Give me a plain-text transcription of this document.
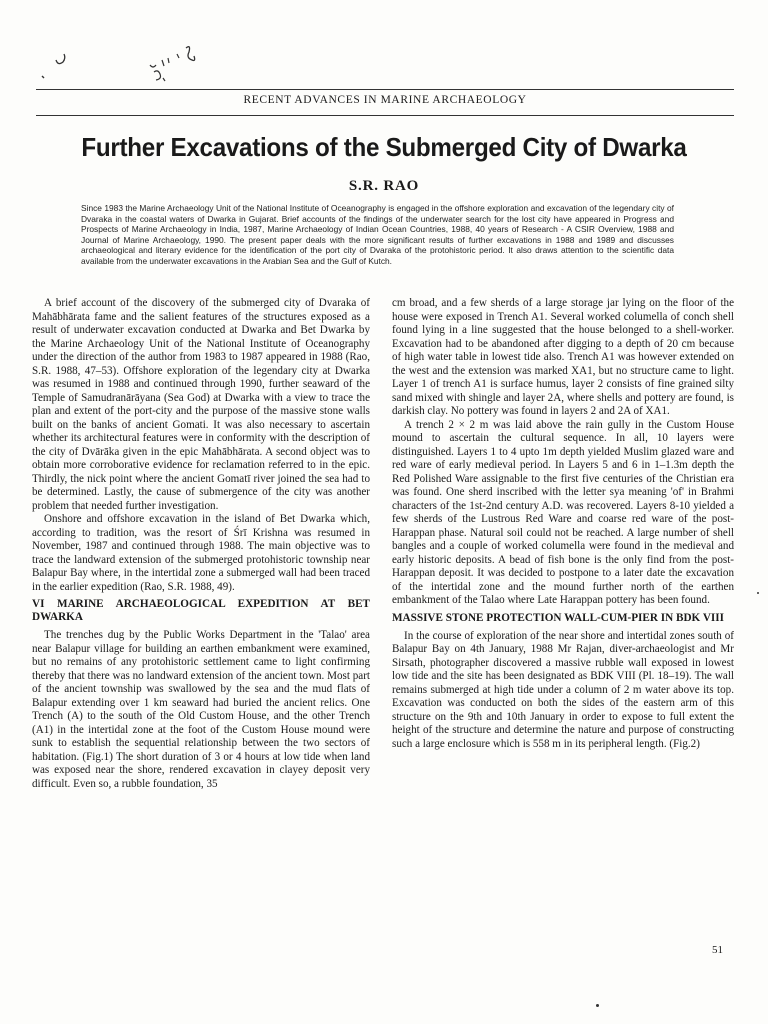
RECENT ADVANCES IN MARINE ARCHAEOLOGY
Further Excavations of the Submerged City of Dwarka
S.R. RAO

Since 1983 the Marine Archaeology Unit of the National Institute of Oceanography is engaged in the offshore exploration and excavation of the legendary city of Dvaraka in the coastal waters of Dwarka in Gujarat. Brief accounts of the findings of the underwater search for the lost city have appeared in Progress and Prospects of Marine Archaeology in India, 1987, Marine Archaeology of Indian Ocean Countries, 1988, 40 years of Research - A CSIR Overview, 1988 and Journal of Marine Archaeology, 1990. The present paper deals with the more significant results of further excavations in 1988 and 1989 and discusses archaeological and literary evidence for the identification of the port city of Dvaraka of the protohistoric period. It also draws attention to the scientific data available from the underwater excavations in the Arabian Sea and the Gulf of Kutch.

A brief account of the discovery of the submerged city of Dvaraka of Mahābhārata fame and the salient features of the structures exposed as a result of underwater excavation conducted at Dwarka and Bet Dwarka by the Marine Archaeology Unit of the National Institute of Oceanography under the direction of the author from 1983 to 1987 appeared in 1988 (Rao, S.R. 1988, 47–53). Offshore exploration of the legendary city at Dwarka was resumed in 1988 and continued through 1990, further seaward of the Temple of Samudranārāyana (Sea God) at Dwarka with a view to trace the plan and extent of the port-city and the purpose of the massive stone walls built on the banks of ancient Gomati. It was also necessary to ascertain whether its architectural features were in conformity with the description of the city of Dvārāka given in the epic Mahābhārata. A second object was to obtain more corroborative evidence for reclamation referred to in the epic. Thirdly, the nick point where the ancient Gomatī river joined the sea had to be determined. Lastly, the cause of submergence of the city was another problem that needed further investigation.

Onshore and offshore excavation in the island of Bet Dwarka which, according to tradition, was the resort of Śrī Krishna was resumed in November, 1987 and continued through 1988. The main objective was to trace the landward extension of the submerged protohistoric township near Balapur Bay where, in the intertidal zone a submerged wall had been traced in the earlier expedition (Rao, S.R. 1988, 49).

VI MARINE ARCHAEOLOGICAL EXPEDITION AT BET DWARKA

The trenches dug by the Public Works Department in the 'Talao' area near Balapur village for building an earthen embankment were examined, but no remains of any protohistoric settlement came to light confirming thereby that there was no landward extension of the ancient town. Most part of the ancient township was swallowed by the sea and the mud flats of Balapur extending over 1 km seaward had buried the ancient relics. One Trench (A) to the south of the Old Custom House, and the other Trench (A1) in the intertidal zone at the foot of the Custom House mound were sunk to establish the sequential relationship between the two sectors of habitation. (Fig.1) The short duration of 3 or 4 hours at low tide when land was exposed near the shore, rendered excavation in clayey deposit very difficult. Even so, a rubble foundation, 35

cm broad, and a few sherds of a large storage jar lying on the floor of the house were exposed in Trench A1. Several worked columella of conch shell found lying in a line suggested that the house belonged to a shell-worker. Excavation had to be abandoned after digging to a depth of 20 cm because of high water table in lowest tide also. Trench A1 was however extended on the west and the extension was marked XA1, but no structure came to light. Layer 1 of trench A1 is surface humus, layer 2 consists of fine grained silty sand mixed with shingle and layer 2A, where shells and pottery are found, is darkish clay. No pottery was found in layers 2 and 2A of XA1.

A trench 2 × 2 m was laid above the rain gully in the Custom House mound to ascertain the cultural sequence. In all, 10 layers were distinguished. Layers 1 to 4 upto 1m depth yielded Muslim glazed ware and red ware of early medieval period. In Layers 5 and 6 in 1–1.3m depth the Red Polished Ware assignable to the first five centuries of the Christian era was found. One sherd inscribed with the letter sya meaning 'of' in Brahmi characters of the 1st-2nd century A.D. was recovered. Layers 8-10 yielded a few sherds of the Lustrous Red Ware and coarse red ware of the post-Harappan phase. Natural soil could not be reached. A large number of shell bangles and a couple of worked columella were found in the medieval and early historic deposits. A bead of fish bone is the only find from the post-Harappan deposit. It was decided to postpone to a later date the excavation of the intertidal zone and the mound further north of the earthen embankment of the Talao where Late Harappan pottery has been found.

MASSIVE STONE PROTECTION WALL-CUM-PIER IN BDK VIII

In the course of exploration of the near shore and intertidal zones south of Balapur Bay on 4th January, 1988 Mr Rajan, diver-archaeologist and Mr Sirsath, photographer discovered a massive rubble wall exposed in lowest low tide and the site has been designated as BDK VIII (Pl. 18–19). The wall remains submerged at high tide under a column of 2 m water above its top. Excavation was conducted on both the sides of the eastern arm of this structure on the 9th and 10th January in order to expose to full extent the height of the structure and determine the nature and purpose of constructing such a large enclosure which is 558 m in its peripheral length. (Fig.2)

51
